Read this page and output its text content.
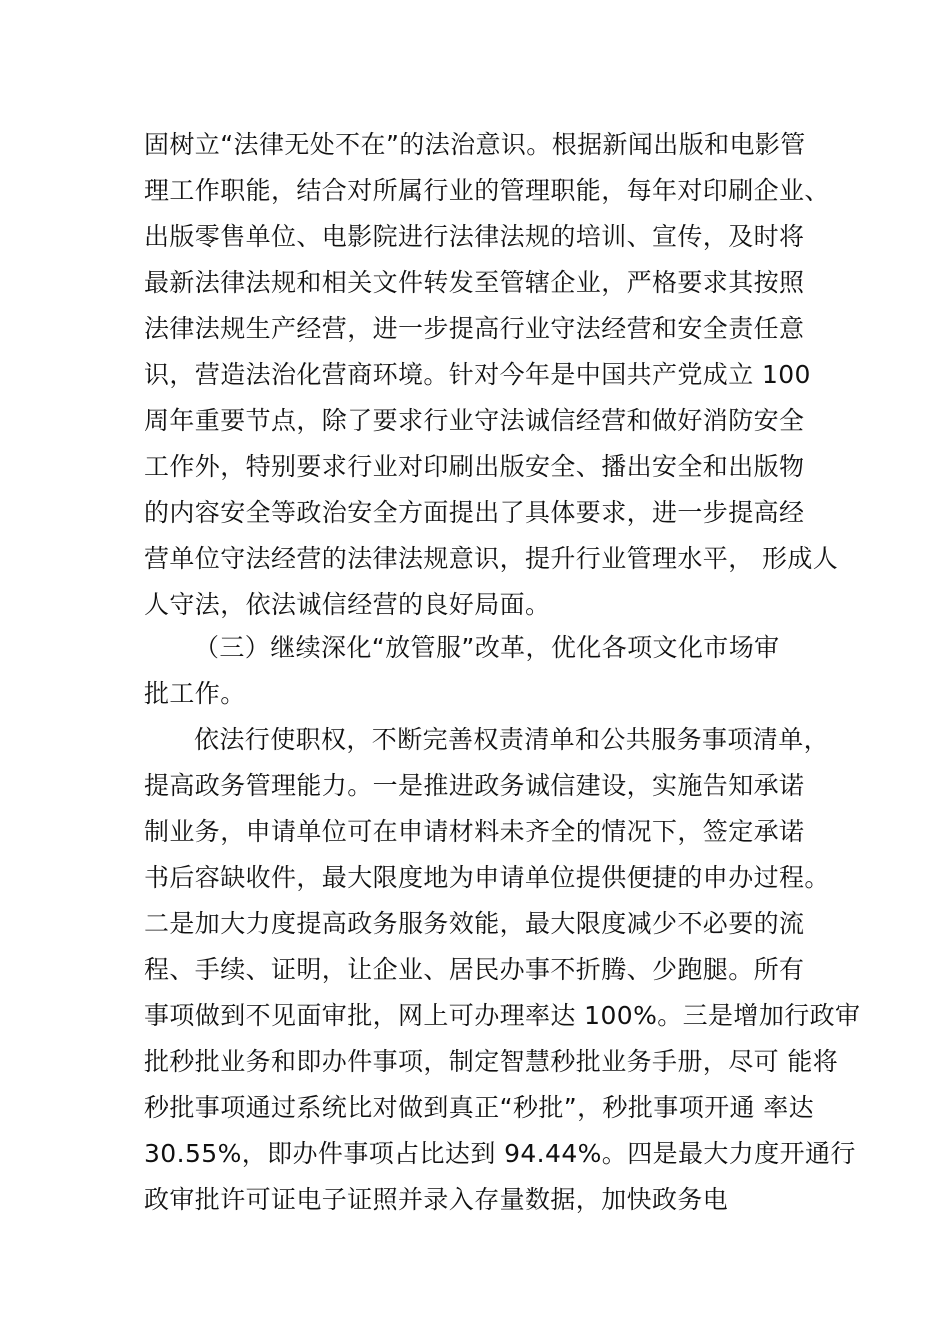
固树立“法律无处不在”的法治意识。根据新闻出版和电影管
理工作职能，结合对所属行业的管理职能，每年对印刷企业、
出版零售单位、电影院进行法律法规的培训、宣传，及时将
最新法律法规和相关文件转发至管辖企业，严格要求其按照
法律法规生产经营，进一步提高行业守法经营和安全责任意
识，营造法治化营商环境。针对今年是中国共产党成立 100
周年重要节点，除了要求行业守法诚信经营和做好消防安全
工作外，特别要求行业对印刷出版安全、播出安全和出版物
的内容安全等政治安全方面提出了具体要求，进一步提高经
营单位守法经营的法律法规意识，提升行业管理水平， 形成人
人守法，依法诚信经营的良好局面。
（三）继续深化“放管服”改革，优化各项文化市场审
批工作。
依法行使职权，不断完善权责清单和公共服务事项清单，
提高政务管理能力。一是推进政务诚信建设，实施告知承诺
制业务，申请单位可在申请材料未齐全的情况下，签定承诺
书后容缺收件，最大限度地为申请单位提供便捷的申办过程。
二是加大力度提高政务服务效能，最大限度减少不必要的流
程、手续、证明，让企业、居民办事不折腾、少跑腿。所有
事项做到不见面审批，网上可办理率达 100%。三是增加行政审
批秒批业务和即办件事项，制定智慧秒批业务手册，尽可 能将
秒批事项通过系统比对做到真正“秒批”，秒批事项开通 率达
30.55%，即办件事项占比达到 94.44%。四是最大力度开通行
政审批许可证电子证照并录入存量数据，加快政务电
